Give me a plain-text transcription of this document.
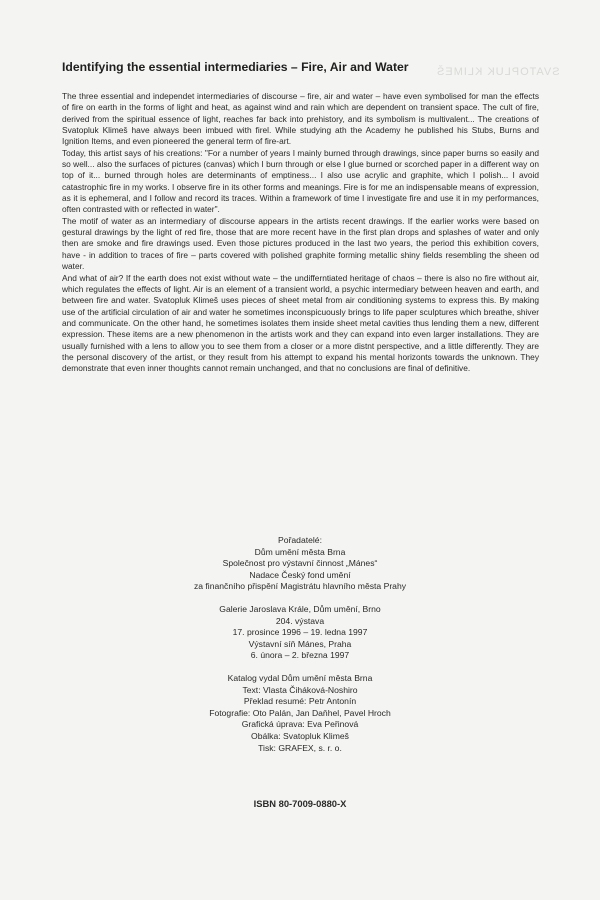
SVATOPLUK KLIMEŠ
Identifying the essential intermediaries – Fire, Air and Water

The three essential and independet intermediaries of discourse – fire, air and water – have even symbolised for man the effects of fire on earth in the forms of light and heat, as against wind and rain which are dependent on transient space. The cult of fire, derived from the spiritual essence of light, reaches far back into prehistory, and its symbolism is multivalent... The creations of Svatopluk Klimeš have always been imbued with firel. While studying ath the Academy he published his Stubs, Burns and Ignition Items, and even pioneered the general term of fire-art.

Today, this artist says of his creations: "For a number of years I mainly burned through drawings, since paper burns so easily and so well... also the surfaces of pictures (canvas) which I burn through or else I glue burned or scorched paper in a different way on top of it... burned through holes are determinants of emptiness... I also use acrylic and graphite, which I polish... I avoid catastrophic fire in my works. I observe fire in its other forms and meanings. Fire is for me an indispensable means of expression, as it is ephemeral, and I follow and record its traces. Within a framework of time I investigate fire and use it in my performances, often contrasted with or reflected in water".

The motif of water as an intermediary of discourse appears in the artists recent drawings. If the earlier works were based on gestural drawings by the light of red fire, those that are more recent have in the first plan drops and splashes of water and only then are smoke and fire drawings used. Even those pictures produced in the last two years, the period this exhibition covers, have - in addition to traces of fire – parts covered with polished graphite forming metallic shiny fields resembling the sheen od water.

And what of air? If the earth does not exist without wate – the undifferntiated heritage of chaos – there is also no fire without air, which regulates the effects of light. Air is an element of a transient world, a psychic intermediary between heaven and earth, and between fire and water. Svatopluk Klimeš uses pieces of sheet metal from air conditioning systems to express this. By making use of the artificial circulation of air and water he sometimes inconspicuously brings to life paper sculptures which breathe, shiver and communicate. On the other hand, he sometimes isolates them inside sheet metal cavities thus lending them a new, different expression. These items are a new phenomenon in the artists work and they can expand into even larger installations. They are usually furnished with a lens to allow you to see them from a closer or a more distnt perspective, and a little differently. They are the personal discovery of the artist, or they result from his attempt to expand his mental horizonts towards the unknown. They demonstrate that even inner thoughts cannot remain unchanged, and that no conclusions are final of definitive.

Pořadatelé:
Dům umění města Brna
Společnost pro výstavní činnost „Mánes“
Nadace Český fond umění
za finančního přispění Magistrátu hlavního města Prahy
Galerie Jaroslava Krále, Dům umění, Brno
204. výstava
17. prosince 1996 – 19. ledna 1997
Výstavní síň Mánes, Praha
6. února – 2. března 1997
Katalog vydal Dům umění města Brna
Text: Vlasta Čiháková-Noshiro
Překlad resumé: Petr Antonín
Fotografie: Oto Palán, Jan Daňhel, Pavel Hroch
Grafická úprava: Eva Peřinová
Obálka: Svatopluk Klimeš
Tisk: GRAFEX, s. r. o.
ISBN 80-7009-0880-X
